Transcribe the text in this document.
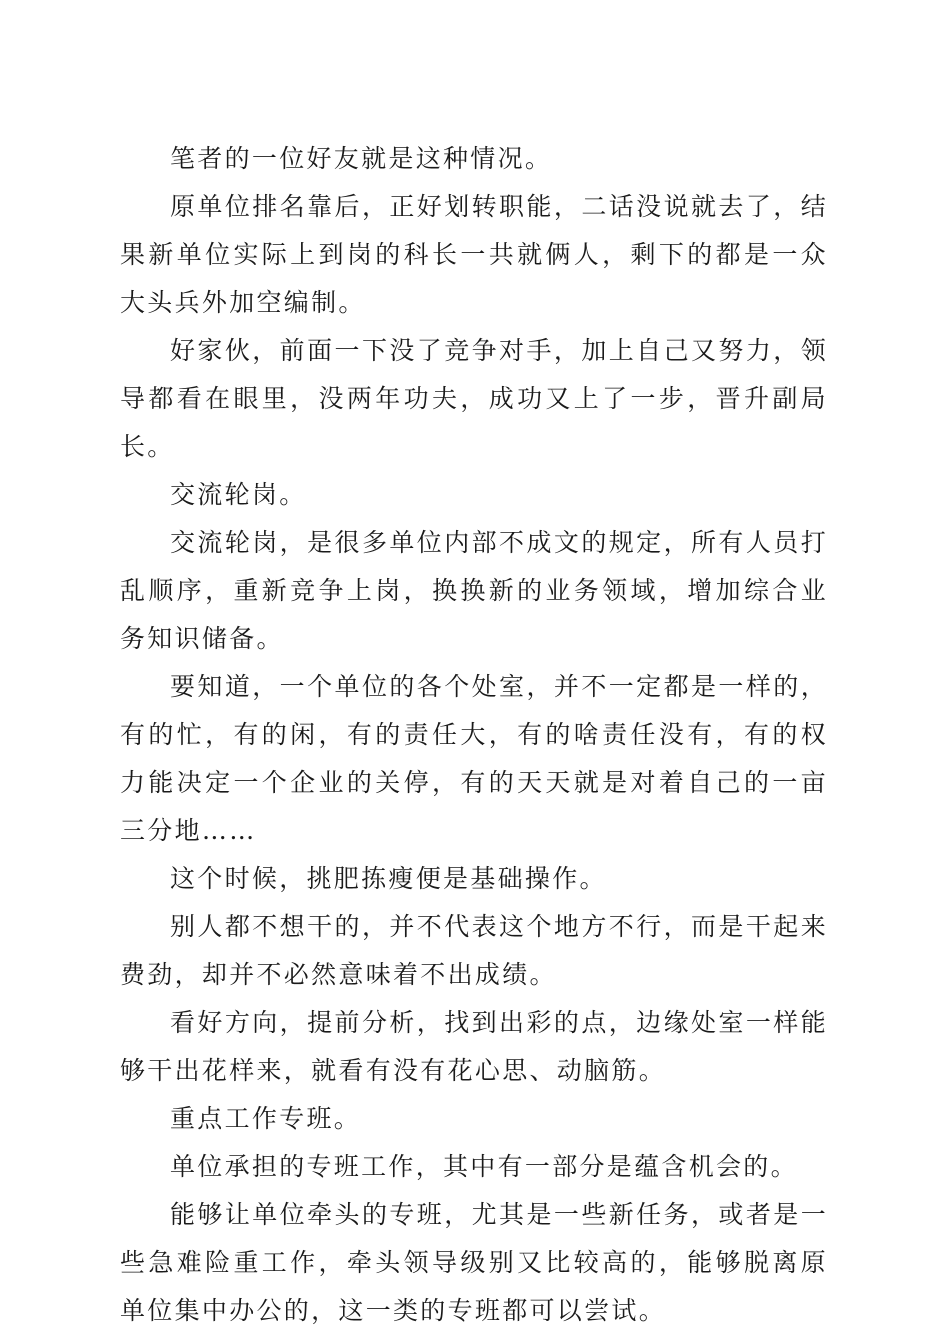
笔者的一位好友就是这种情况。

原单位排名靠后，正好划转职能，二话没说就去了，结果新单位实际上到岗的科长一共就俩人，剩下的都是一众大头兵外加空编制。

好家伙，前面一下没了竞争对手，加上自己又努力，领导都看在眼里，没两年功夫，成功又上了一步，晋升副局长。

交流轮岗。

交流轮岗，是很多单位内部不成文的规定，所有人员打乱顺序，重新竞争上岗，换换新的业务领域，增加综合业务知识储备。

要知道，一个单位的各个处室，并不一定都是一样的，有的忙，有的闲，有的责任大，有的啥责任没有，有的权力能决定一个企业的关停，有的天天就是对着自己的一亩三分地……

这个时候，挑肥拣瘦便是基础操作。

别人都不想干的，并不代表这个地方不行，而是干起来费劲，却并不必然意味着不出成绩。

看好方向，提前分析，找到出彩的点，边缘处室一样能够干出花样来，就看有没有花心思、动脑筋。

重点工作专班。

单位承担的专班工作，其中有一部分是蕴含机会的。

能够让单位牵头的专班，尤其是一些新任务，或者是一些急难险重工作，牵头领导级别又比较高的，能够脱离原单位集中办公的，这一类的专班都可以尝试。
